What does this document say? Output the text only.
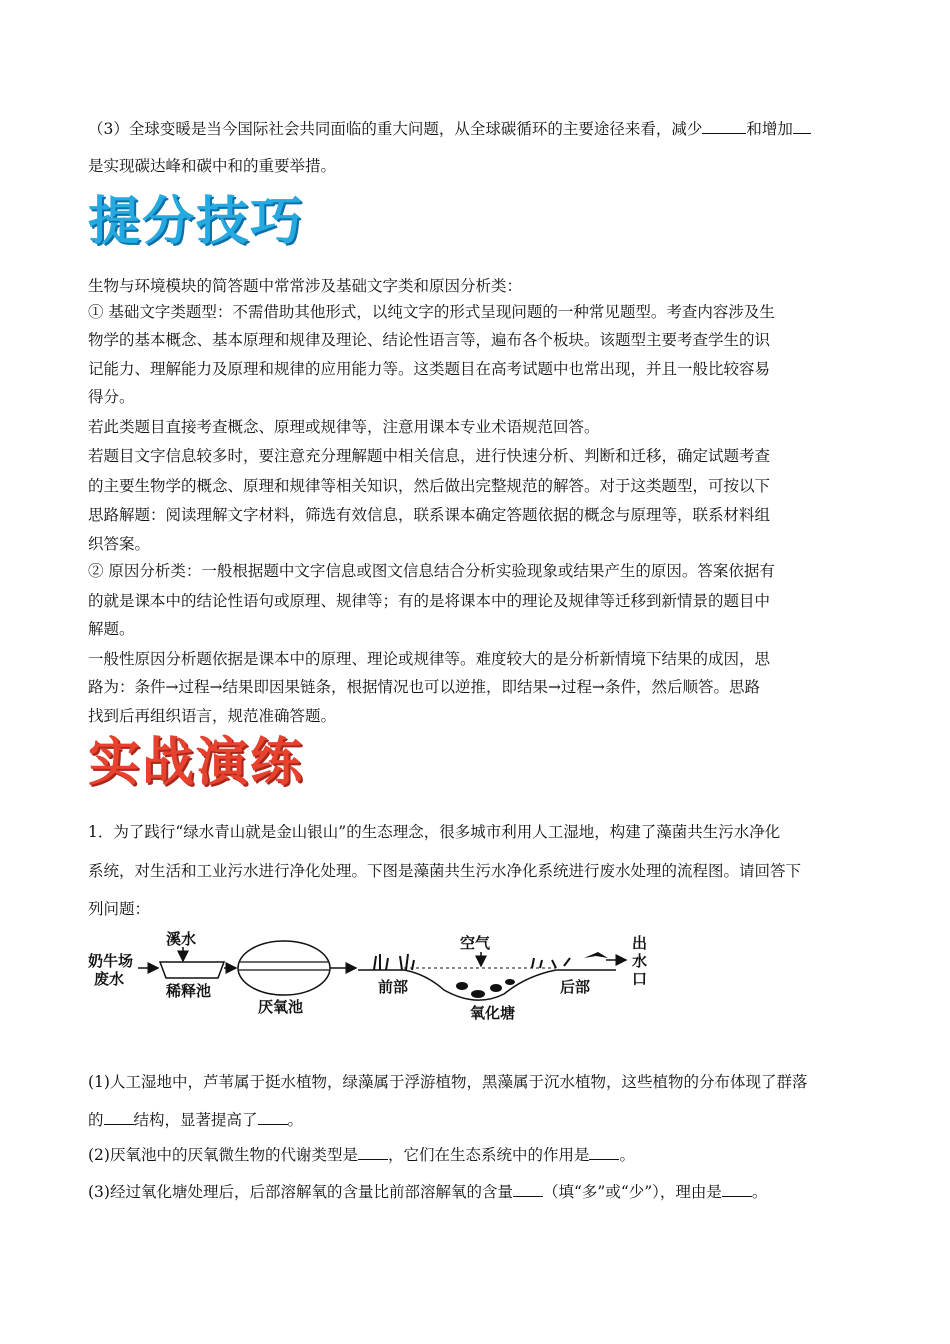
（3）全球变暖是当今国际社会共同面临的重大问题，从全球碳循环的主要途径来看，减少	和增加
是实现碳达峰和碳中和的重要举措。
提分技巧
生物与环境模块的简答题中常常涉及基础文字类和原因分析类：
① 基础文字类题型：不需借助其他形式，以纯文字的形式呈现问题的一种常见题型。考查内容涉及生
物学的基本概念、基本原理和规律及理论、结论性语言等，遍布各个板块。该题型主要考查学生的识
记能力、理解能力及原理和规律的应用能力等。这类题目在高考试题中也常出现，并且一般比较容易
得分。
若此类题目直接考查概念、原理或规律等，注意用课本专业术语规范回答。
若题目文字信息较多时，要注意充分理解题中相关信息，进行快速分析、判断和迁移，确定试题考查
的主要生物学的概念、原理和规律等相关知识，然后做出完整规范的解答。对于这类题型，可按以下
思路解题：阅读理解文字材料，筛选有效信息，联系课本确定答题依据的概念与原理等，联系材料组
织答案。
② 原因分析类：一般根据题中文字信息或图文信息结合分析实验现象或结果产生的原因。答案依据有
的就是课本中的结论性语句或原理、规律等；有的是将课本中的理论及规律等迁移到新情景的题目中
解题。
一般性原因分析题依据是课本中的原理、理论或规律等。难度较大的是分析新情境下结果的成因，思
路为：条件→过程→结果即因果链条，根据情况也可以逆推，即结果→过程→条件，然后顺答。思路
找到后再组织语言，规范准确答题。
实战演练
1．为了践行“绿水青山就是金山银山”的生态理念，很多城市利用人工湿地，构建了藻菌共生污水净化
系统，对生活和工业污水进行净化处理。下图是藻菌共生污水净化系统进行废水处理的流程图。请回答下
列问题：
奶牛场
废水
溪水
稀释池
厌氧池
空气
前部
氧化塘
后部
出
水
口
(1)人工湿地中，芦苇属于挺水植物，绿藻属于浮游植物，黑藻属于沉水植物，这些植物的分布体现了群落
的 结构，显著提高了 。
(2)厌氧池中的厌氧微生物的代谢类型是 ，它们在生态系统中的作用是 。
(3)经过氧化塘处理后，后部溶解氧的含量比前部溶解氧的含量 （填“多”或“少”），理由是 。
